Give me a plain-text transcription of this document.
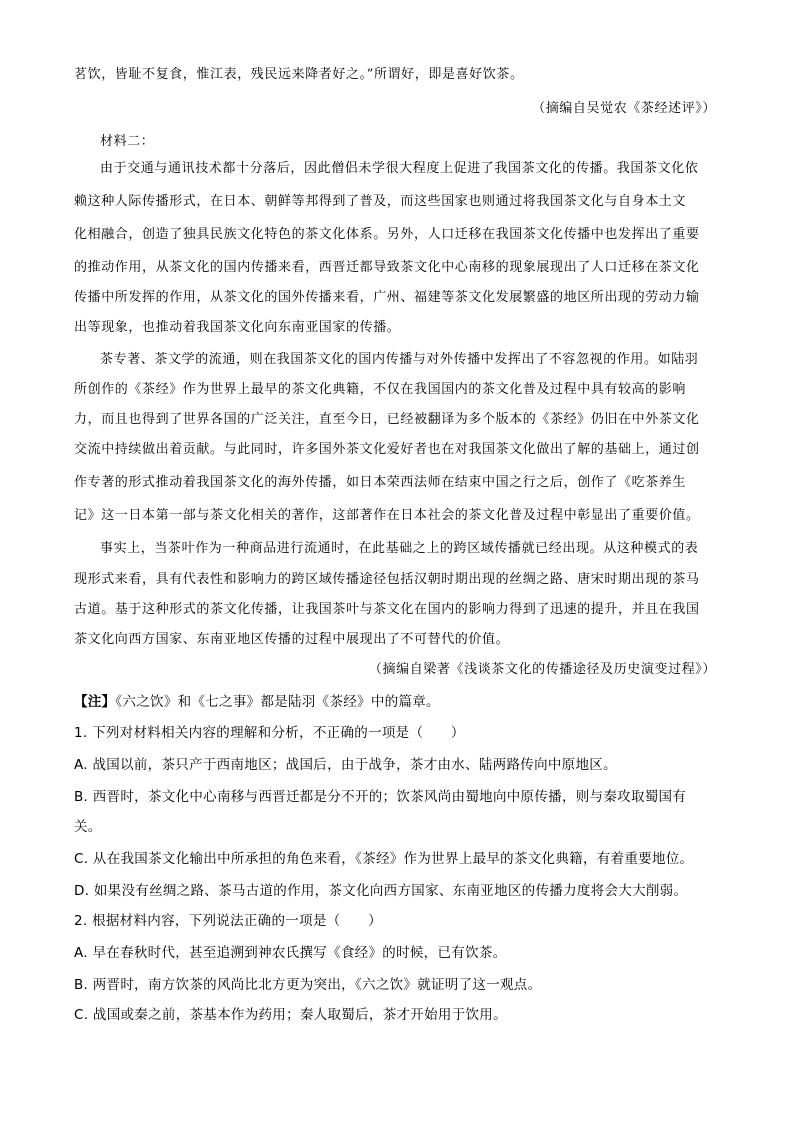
茗饮，皆耻不复食，惟江表，残民远来降者好之。”所谓好，即是喜好饮茶。
（摘编自吴觉农《茶经述评》）
材料二：
由于交通与通讯技术都十分落后，因此僧侣未学很大程度上促进了我国茶文化的传播。我国茶文化依
赖这种人际传播形式，在日本、朝鲜等邦得到了普及，而这些国家也则通过将我国茶文化与自身本土文
化相融合，创造了独具民族文化特色的茶文化体系。另外，人口迁移在我国茶文化传播中也发挥出了重要
的推动作用，从茶文化的国内传播来看，西晋迁都导致茶文化中心南移的现象展现出了人口迁移在茶文化
传播中所发挥的作用，从茶文化的国外传播来看，广州、福建等茶文化发展繁盛的地区所出现的劳动力输
出等现象，也推动着我国茶文化向东南亚国家的传播。
茶专著、茶文学的流通，则在我国茶文化的国内传播与对外传播中发挥出了不容忽视的作用。如陆羽
所创作的《茶经》作为世界上最早的茶文化典籍，不仅在我国国内的茶文化普及过程中具有较高的影响
力，而且也得到了世界各国的广泛关注，直至今日，已经被翻译为多个版本的《茶经》仍旧在中外茶文化
交流中持续做出着贡献。与此同时，许多国外茶文化爱好者也在对我国茶文化做出了解的基础上，通过创
作专著的形式推动着我国茶文化的海外传播，如日本荣西法师在结束中国之行之后，创作了《吃茶养生
记》这一日本第一部与茶文化相关的著作，这部著作在日本社会的茶文化普及过程中彰显出了重要价值。
事实上，当茶叶作为一种商品进行流通时，在此基础之上的跨区域传播就已经出现。从这种模式的表
现形式来看，具有代表性和影响力的跨区域传播途径包括汉朝时期出现的丝绸之路、唐宋时期出现的茶马
古道。基于这种形式的茶文化传播，让我国茶叶与茶文化在国内的影响力得到了迅速的提升，并且在我国
茶文化向西方国家、东南亚地区传播的过程中展现出了不可替代的价值。
（摘编自梁著《浅谈茶文化的传播途径及历史演变过程》）
【注】《六之饮》和《七之事》都是陆羽《茶经》中的篇章。
1. 下列对材料相关内容的理解和分析，不正确的一项是（　　）
A. 战国以前，茶只产于西南地区；战国后，由于战争，茶才由水、陆两路传向中原地区。
B. 西晋时，茶文化中心南移与西晋迁都是分不开的；饮茶风尚由蜀地向中原传播，则与秦攻取蜀国有
关。
C. 从在我国茶文化输出中所承担的角色来看，《茶经》作为世界上最早的茶文化典籍，有着重要地位。
D. 如果没有丝绸之路、茶马古道的作用，茶文化向西方国家、东南亚地区的传播力度将会大大削弱。
2. 根据材料内容，下列说法正确的一项是（　　）
A. 早在春秋时代，甚至追溯到神农氏撰写《食经》的时候，已有饮茶。
B. 两晋时，南方饮茶的风尚比北方更为突出，《六之饮》就证明了这一观点。
C. 战国或秦之前，茶基本作为药用；秦人取蜀后，茶才开始用于饮用。
